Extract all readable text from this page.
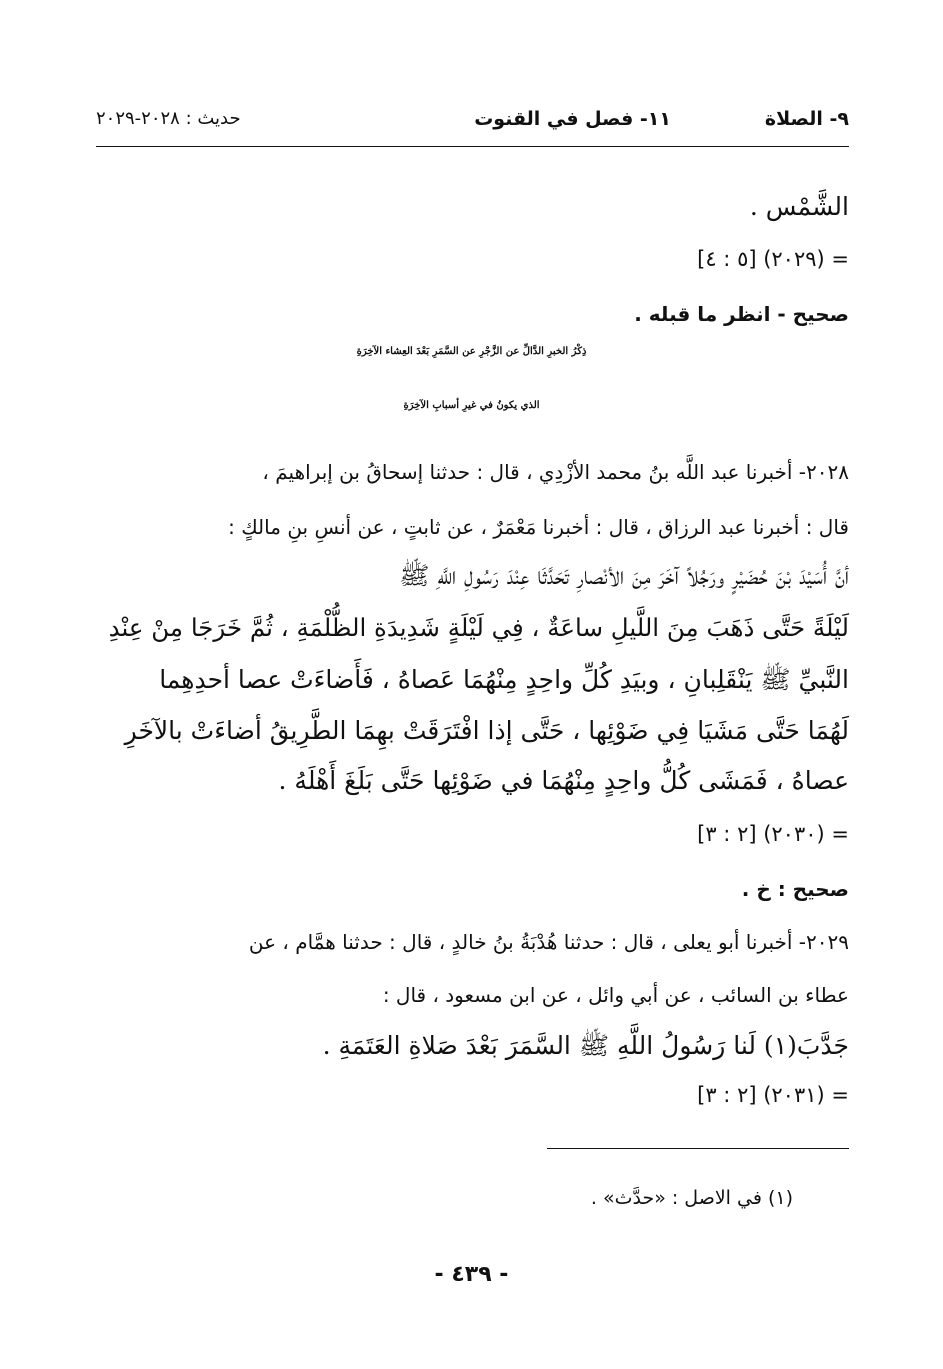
٩- الصلاة
١١- فصل في القنوت
حديث : ٢٠٢٨-٢٠٢٩
الشَّمْس .
= (٢٠٢٩) [٥ : ٤]
صحيح - انظر ما قبله .
ذِكْرُ الخبرِ الدَّالِّ عن الزَّجْرِ عن السَّمَرِ بَعْدَ العِشاء الآخِرَةِ
الذي يكونُ في غيرِ أسبابِ الآخِرَةِ
٢٠٢٨- أخبرنا عبد اللَّه بنُ محمد الأزْدِي ، قال : حدثنا إسحاقُ بن إبراهيمَ ،
قال : أخبرنا عبد الرزاق ، قال : أخبرنا مَعْمَرٌ ، عن ثابتٍ ، عن أنسِ بنِ مالكٍ :
أنَّ أُسَيْدَ بْنَ حُضَيْرٍ ورَجُلاً آخَرَ مِنَ الأنْصارِ تَحَدَّثَا عِنْدَ رَسُولِ اللَّهِ ﷺ
لَيْلَةً حَتَّى ذَهَبَ مِنَ اللَّيلِ ساعَةٌ ، فِي لَيْلَةٍ شَدِيدَةِ الظُّلْمَةِ ، ثُمَّ خَرَجَا مِنْ عِنْدِ
النَّبيِّ ﷺ يَنْقَلِبانِ ، وبيَدِ كُلِّ واحِدٍ مِنْهُمَا عَصاهُ ، فَأَضاءَتْ عصا أحدِهِما
لَهُمَا حَتَّى مَشَيَا فِي ضَوْئِها ، حَتَّى إذا افْتَرَقَتْ بهِمَا الطَّرِيقُ أضاءَتْ بالآخَرِ
عصاهُ ، فَمَشَى كُلُّ واحِدٍ مِنْهُمَا في ضَوْئِها حَتَّى بَلَغَ أَهْلَهُ .
= (٢٠٣٠) [٢ : ٣]
صحيح : خ .
٢٠٢٩- أخبرنا أبو يعلى ، قال : حدثنا هُدْبَةُ بنُ خالدٍ ، قال : حدثنا همَّام ، عن
عطاء بن السائب ، عن أبي وائل ، عن ابن مسعود ، قال :
جَدَّبَ(١) لَنا رَسُولُ اللَّهِ ﷺ السَّمَرَ بَعْدَ صَلاةِ العَتَمَةِ .
= (٢٠٣١) [٢ : ٣]
(١) في الاصل : «حدَّث» .
- ٤٣٩ -
